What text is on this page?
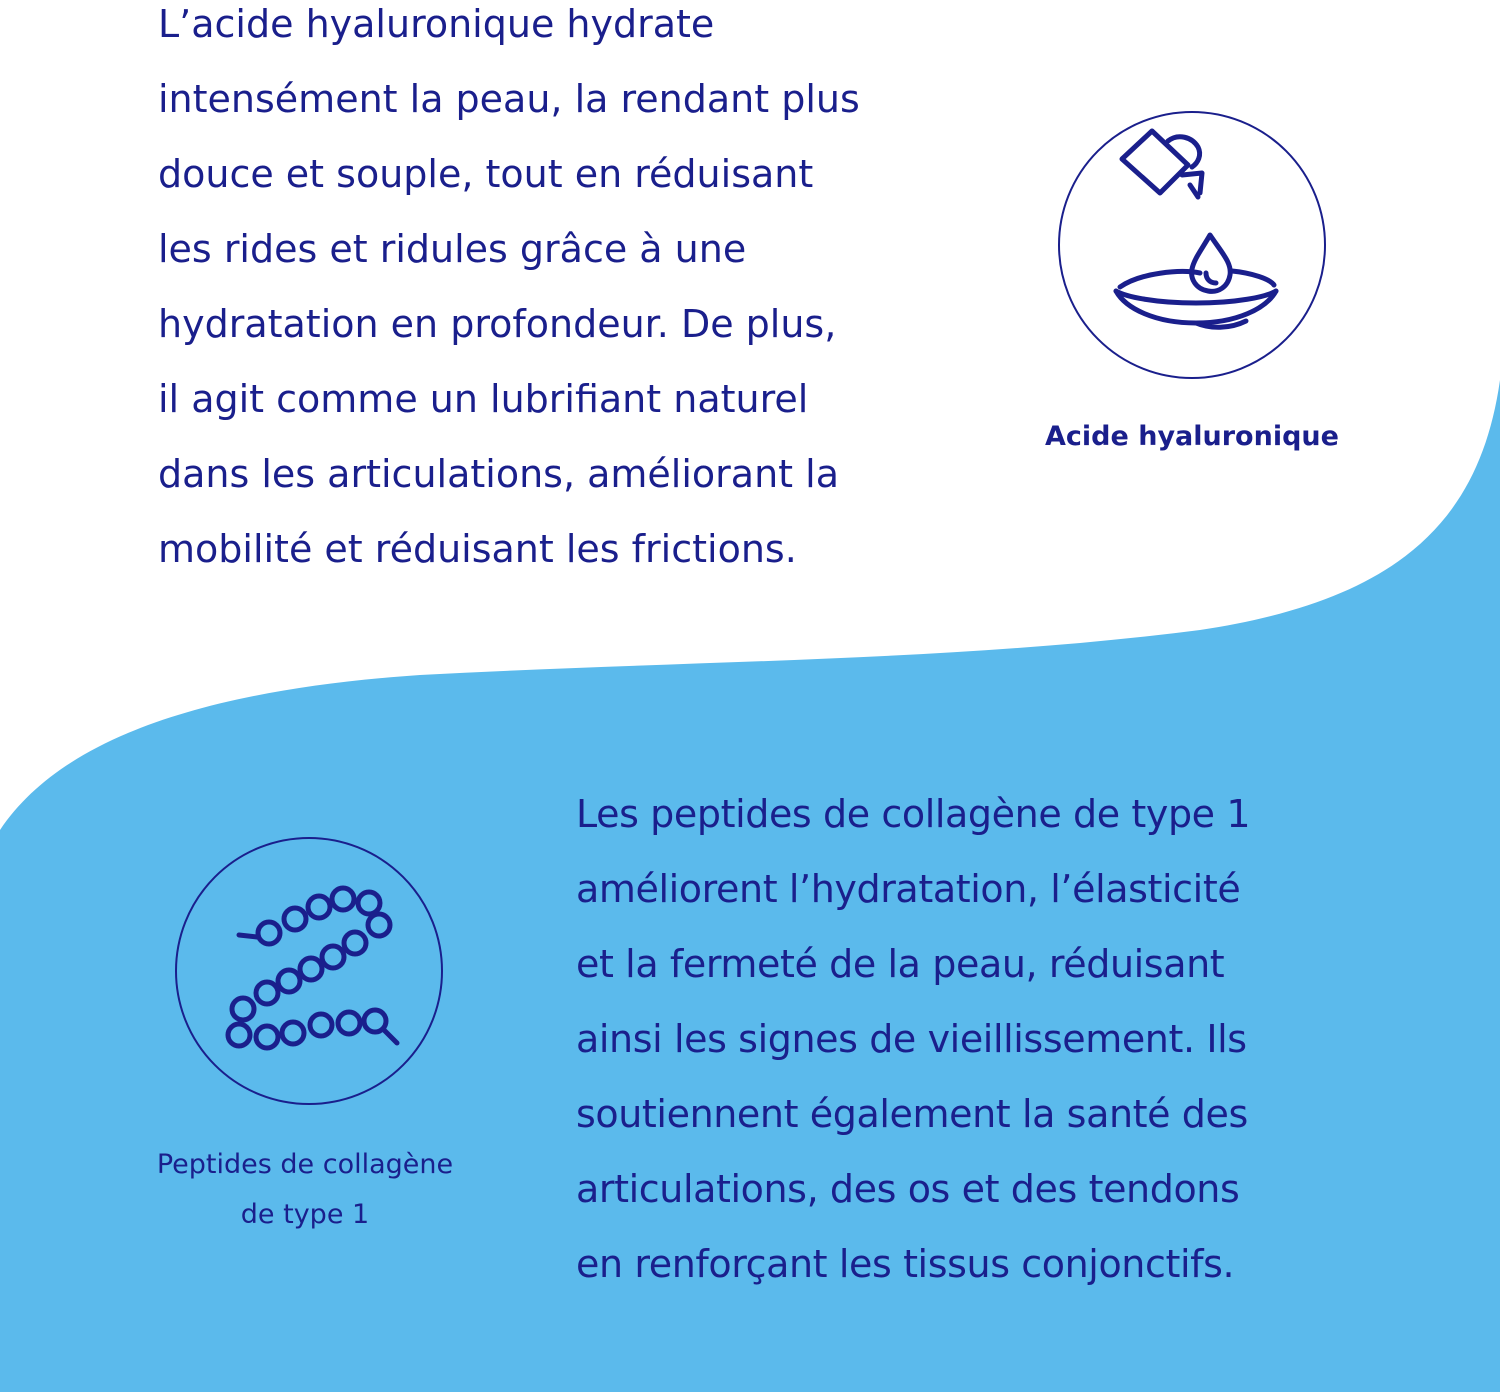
L’acide hyaluronique hydrate
intensément la peau, la rendant plus
douce et souple, tout en réduisant
les rides et ridules grâce à une
hydratation en profondeur. De plus,
il agit comme un lubrifiant naturel
dans les articulations, améliorant la
mobilité et réduisant les frictions.

Acide hyaluronique
Peptides de collagène
de type 1

Les peptides de collagène de type 1
améliorent l’hydratation, l’élasticité
et la fermeté de la peau, réduisant
ainsi les signes de vieillissement. Ils
soutiennent également la santé des
articulations, des os et des tendons
en renforçant les tissus conjonctifs.
